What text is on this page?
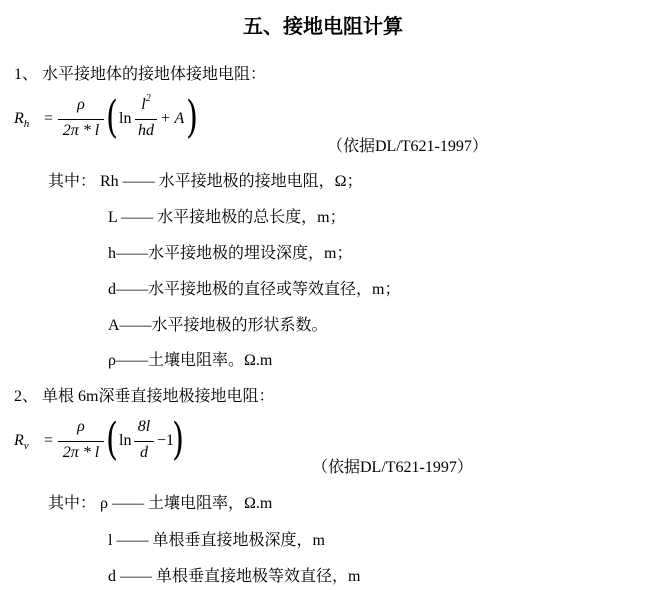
五、接地电阻计算
1、 水平接地体的接地体接地电阻：
$R_h$ =
ρ
2π * l ( ln
$l^2$
hd
+ A )
（依据DL/T621-1997）
其中： Rh —— 水平接地极的接地电阻，Ω；
L —— 水平接地极的总长度，m；
h——水平接地极的埋设深度，m；
d——水平接地极的直径或等效直径，m；
A——水平接地极的形状系数。
ρ——土壤电阻率。Ω.m
2、 单根 6m深垂直接地极接地电阻：
$R_v$ =
ρ
2π * l ( ln
8l
d
−1
)
（依据DL/T621-1997）
其中： ρ —— 土壤电阻率，Ω.m
l —— 单根垂直接地极深度，m
d —— 单根垂直接地极等效直径，m
